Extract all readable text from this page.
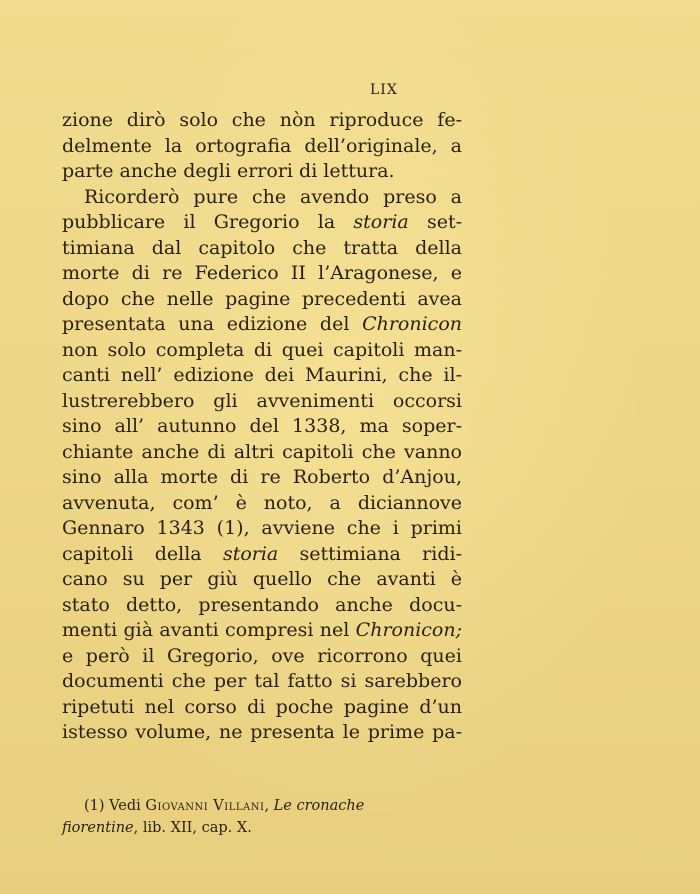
LIX
zione dirò solo che nòn riproduce fe-
delmente la ortografia dell’originale, a
parte anche degli errori di lettura.
Ricorderò pure che avendo preso a
pubblicare il Gregorio la storia set-
timiana dal capitolo che tratta della
morte di re Federico II l’Aragonese, e
dopo che nelle pagine precedenti avea
presentata una edizione del Chronicon
non solo completa di quei capitoli man-
canti nell’ edizione dei Maurini, che il-
lustrerebbero gli avvenimenti occorsi
sino all’ autunno del 1338, ma soper-
chiante anche di altri capitoli che vanno
sino alla morte di re Roberto d’Anjou,
avvenuta, com’ è noto, a diciannove
Gennaro 1343 (1), avviene che i primi
capitoli della storia settimiana ridi-
cano su per giù quello che avanti è
stato detto, presentando anche docu-
menti già avanti compresi nel Chronicon;
e però il Gregorio, ove ricorrono quei
documenti che per tal fatto si sarebbero
ripetuti nel corso di poche pagine d’un
istesso volume, ne presenta le prime pa-
(1) Vedi Giovanni Villani, Le cronache
fiorentine, lib. XII, cap. X.
